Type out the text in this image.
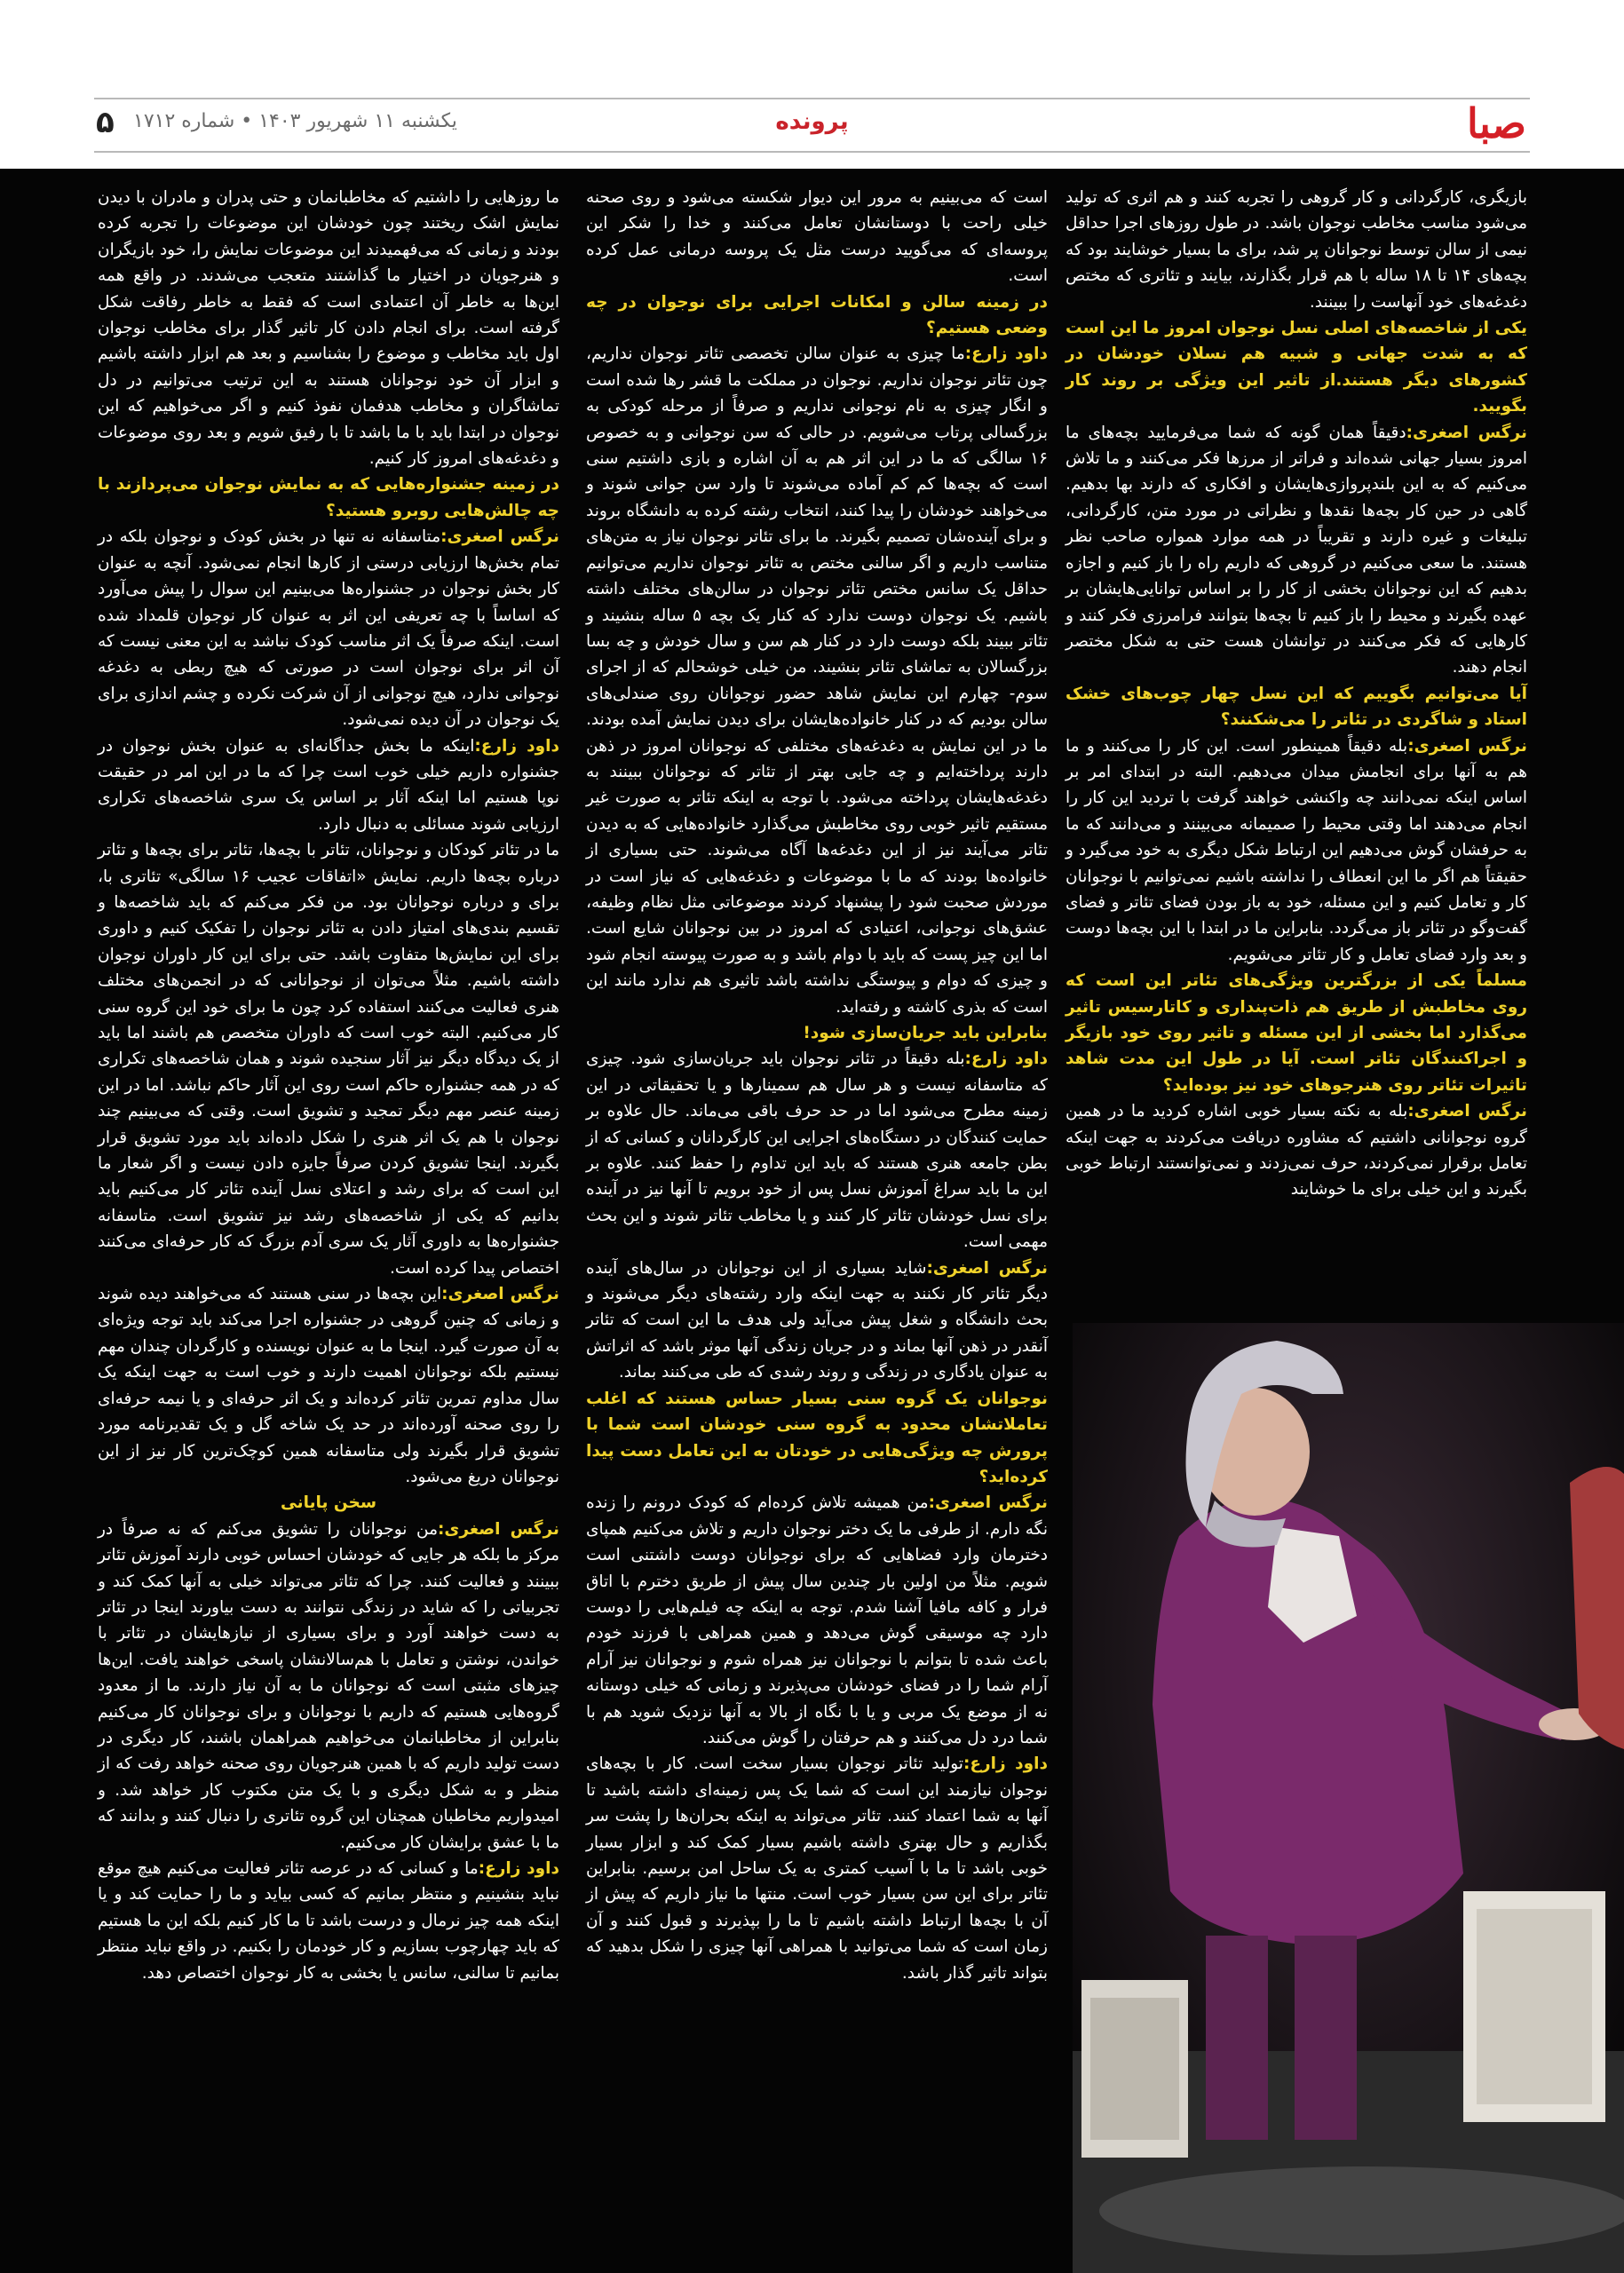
صبا
پرونده
یکشنبه ۱۱ شهریور ۱۴۰۳ • شماره ۱۷۱۲
۵

بازیگری، کارگردانی و کار گروهی را تجربه کنند و هم اثری که تولید می‌شود مناسب مخاطب نوجوان باشد. در طول روزهای اجرا حداقل نیمی از سالن توسط نوجوانان پر شد، برای ما بسیار خوشایند بود که بچه‌های ۱۴ تا ۱۸ ساله با هم قرار بگذارند، بیایند و تئاتری که مختص دغدغه‌های خود آنهاست را ببینند.

یکی از شاخصه‌های اصلی نسل نوجوان امروز ما این است که به شدت جهانی و شبیه هم نسلان خودشان در کشورهای دیگر هستند.از تاثیر این ویژگی بر روند کار بگویید.

نرگس اصغری:دقیقاً همان گونه که شما می‌فرمایید بچه‌های ما امروز بسیار جهانی شده‌اند و فراتر از مرزها فکر می‌کنند و ما تلاش می‌کنیم که به این بلندپروازی‌هایشان و افکاری که دارند بها بدهیم. گاهی در حین کار بچه‌ها نقدها و نظراتی در مورد متن، کارگردانی، تبلیغات و غیره دارند و تقریباً در همه موارد همواره صاحب نظر هستند. ما سعی می‌کنیم در گروهی که داریم راه را باز کنیم و اجازه بدهیم که این نوجوانان بخشی از کار را بر اساس توانایی‌هایشان بر عهده بگیرند و محیط را باز کنیم تا بچه‌ها بتوانند فرامرزی فکر کنند و کارهایی که فکر می‌کنند در توانشان هست حتی به شکل مختصر انجام دهند.

آیا می‌توانیم بگوییم که این نسل چهار چوب‌های خشک استاد و شاگردی در تئاتر را می‌شکنند؟

نرگس اصغری:بله دقیقاً همینطور است. این کار را می‌کنند و ما هم به آنها برای انجامش میدان می‌دهیم. البته در ابتدای امر بر اساس اینکه نمی‌دانند چه واکنشی خواهند گرفت با تردید این کار را انجام می‌دهند اما وقتی محیط را صمیمانه می‌بینند و می‌دانند که ما به حرفشان گوش می‌دهیم این ارتباط شکل دیگری به خود می‌گیرد و حقیقتاً هم اگر ما این انعطاف را نداشته باشیم نمی‌توانیم با نوجوانان کار و تعامل کنیم و این مسئله، خود به باز بودن فضای تئاتر و فضای گفت‌وگو در تئاتر باز می‌گردد. بنابراین ما در ابتدا با این بچه‌ها دوست و بعد وارد فضای تعامل و کار تئاتر می‌شویم.

مسلماً یکی از بزرگترین ویژگی‌های تئاتر این است که روی مخاطبش از طریق هم ذات‌پنداری و کاتارسیس تاثیر می‌گذارد اما بخشی از این مسئله و تاثیر روی خود بازیگر و اجراکنندگان تئاتر است. آیا در طول این مدت شاهد تاثیرات تئاتر روی هنرجوهای خود نیز بوده‌اید؟

نرگس اصغری:بله به نکته بسیار خوبی اشاره کردید ما در همین گروه نوجوانانی داشتیم که مشاوره دریافت می‌کردند به جهت اینکه تعامل برقرار نمی‌کردند، حرف نمی‌زدند و نمی‌توانستند ارتباط خوبی بگیرند و این خیلی برای ما خوشایند

است که می‌بینیم به مرور این دیوار شکسته می‌شود و روی صحنه خیلی راحت با دوستانشان تعامل می‌کنند و خدا را شکر این پروسه‌ای که می‌گویید درست مثل یک پروسه درمانی عمل کرده است.

در زمینه سالن و امکانات اجرایی برای نوجوان در چه وضعی هستیم؟

داود زارع:ما چیزی به عنوان سالن تخصصی تئاتر نوجوان نداریم، چون تئاتر نوجوان نداریم. نوجوان در مملکت ما قشر رها شده است و انگار چیزی به نام نوجوانی نداریم و صرفاً از مرحله کودکی به بزرگسالی پرتاب می‌شویم. در حالی که سن نوجوانی و به خصوص ۱۶ سالگی که ما در این اثر هم به آن اشاره و بازی داشتیم سنی است که بچه‌ها کم کم آماده می‌شوند تا وارد سن جوانی شوند و می‌خواهند خودشان را پیدا کنند، انتخاب رشته کرده به دانشگاه بروند و برای آینده‌شان تصمیم بگیرند. ما برای تئاتر نوجوان نیاز به متن‌های متناسب داریم و اگر سالنی مختص به تئاتر نوجوان نداریم می‌توانیم حداقل یک سانس مختص تئاتر نوجوان در سالن‌های مختلف داشته باشیم. یک نوجوان دوست ندارد که کنار یک بچه ۵ ساله بنشیند و تئاتر ببیند بلکه دوست دارد در کنار هم سن و سال خودش و چه بسا بزرگسالان به تماشای تئاتر بنشیند. من خیلی خوشحالم که از اجرای سوم- چهارم این نمایش شاهد حضور نوجوانان روی صندلی‌های سالن بودیم که در کنار خانواده‌هایشان برای دیدن نمایش آمده بودند. ما در این نمایش به دغدغه‌های مختلفی که نوجوانان امروز در ذهن دارند پرداخته‌ایم و چه جایی بهتر از تئاتر که نوجوانان ببینند به دغدغه‌هایشان پرداخته می‌شود. با توجه به اینکه تئاتر به صورت غیر مستقیم تاثیر خوبی روی مخاطبش می‌گذارد خانواده‌هایی که به دیدن تئاتر می‌آیند نیز از این دغدغه‌ها آگاه می‌شوند. حتی بسیاری از خانواده‌ها بودند که ما با موضوعات و دغدغه‌هایی که نیاز است در موردش صحبت شود را پیشنهاد کردند موضوعاتی مثل نظام وظیفه، عشق‌های نوجوانی، اعتیادی که امروز در بین نوجوانان شایع است. اما این چیز پست که باید با دوام باشد و به صورت پیوسته انجام شود و چیزی که دوام و پیوستگی نداشته باشد تاثیری هم ندارد مانند این است که بذری کاشته و رفته‌اید.

بنابراین باید جریان‌سازی شود!

داود زارع:بله دقیقاً در تئاتر نوجوان باید جریان‌سازی شود. چیزی که متاسفانه نیست و هر سال هم سمینارها و یا تحقیقاتی در این زمینه مطرح می‌شود اما در حد حرف باقی می‌ماند. حال علاوه بر حمایت کنندگان در دستگاه‌های اجرایی این کارگردانان و کسانی که از بطن جامعه هنری هستند که باید این تداوم را حفظ کنند. علاوه بر این ما باید سراغ آموزش نسل پس از خود برویم تا آنها نیز در آینده برای نسل خودشان تئاتر کار کنند و یا مخاطب تئاتر شوند و این بحث مهمی است.

نرگس اصغری:شاید بسیاری از این نوجوانان در سال‌های آینده دیگر تئاتر کار نکنند به جهت اینکه وارد رشته‌های دیگر می‌شوند و بحث دانشگاه و شغل پیش می‌آید ولی هدف ما این است که تئاتر آنقدر در ذهن آنها بماند و در جریان زندگی آنها موثر باشد که اثراتش به عنوان یادگاری در زندگی و روند رشدی که طی می‌کنند بماند.

نوجوانان یک گروه سنی بسیار حساس هستند که اغلب تعاملاتشان محدود به گروه سنی خودشان است شما با پرورش چه ویژگی‌هایی در خودتان به این تعامل دست پیدا کرده‌اید؟

نرگس اصغری:من همیشه تلاش کرده‌ام که کودک درونم را زنده نگه دارم. از طرفی ما یک دختر نوجوان داریم و تلاش می‌کنیم همپای دخترمان وارد فضاهایی که برای نوجوانان دوست داشتنی است شویم. مثلاً من اولین بار چندین سال پیش از طریق دخترم با اتاق فرار و کافه مافیا آشنا شدم. توجه به اینکه چه فیلم‌هایی را دوست دارد چه موسیقی گوش می‌دهد و همین همراهی با فرزند خودم باعث شده تا بتوانم با نوجوانان نیز همراه شوم و نوجوانان نیز آرام آرام شما را در فضای خودشان می‌پذیرند و زمانی که خیلی دوستانه نه از موضع یک مربی و یا با نگاه از بالا به آنها نزدیک شوید هم با شما درد دل می‌کنند و هم حرفتان را گوش می‌کنند.

داود زارع:تولید تئاتر نوجوان بسیار سخت است. کار با بچه‌های نوجوان نیازمند این است که شما یک پس زمینه‌ای داشته باشید تا آنها به شما اعتماد کنند. تئاتر می‌تواند به اینکه بحران‌ها را پشت سر بگذاریم و حال بهتری داشته باشیم بسیار کمک کند و ابزار بسیار خوبی باشد تا ما با آسیب کمتری به یک ساحل امن برسیم. بنابراین تئاتر برای این سن بسیار خوب است. منتها ما نیاز داریم که پیش از آن با بچه‌ها ارتباط داشته باشیم تا ما را بپذیرند و قبول کنند و آن زمان است که شما می‌توانید با همراهی آنها چیزی را شکل بدهید که بتواند تاثیر گذار باشد.

ما روزهایی را داشتیم که مخاطبانمان و حتی پدران و مادران با دیدن نمایش اشک ریختند چون خودشان این موضوعات را تجربه کرده بودند و زمانی که می‌فهمیدند این موضوعات نمایش را، خود بازیگران و هنرجویان در اختیار ما گذاشتند متعجب می‌شدند. در واقع همه این‌ها به خاطر آن اعتمادی است که فقط به خاطر رفاقت شکل گرفته است. برای انجام دادن کار تاثیر گذار برای مخاطب نوجوان اول باید مخاطب و موضوع را بشناسیم و بعد هم ابزار داشته باشیم و ابزار آن خود نوجوانان هستند به این ترتیب می‌توانیم در دل تماشاگران و مخاطب هدفمان نفوذ کنیم و اگر می‌خواهیم که این نوجوان در ابتدا باید با ما باشد تا با رفیق شویم و بعد روی موضوعات و دغدغه‌های امروز کار کنیم.

در زمینه جشنواره‌هایی که به نمایش نوجوان می‌پردازند با چه چالش‌هایی روبرو هستید؟

نرگس اصغری:متاسفانه نه تنها در بخش کودک و نوجوان بلکه در تمام بخش‌ها ارزیابی درستی از کارها انجام نمی‌شود. آنچه به عنوان کار بخش نوجوان در جشنواره‌ها می‌بینیم این سوال را پیش می‌آورد که اساساً با چه تعریفی این اثر به عنوان کار نوجوان قلمداد شده است. اینکه صرفاً یک اثر مناسب کودک نباشد به این معنی نیست که آن اثر برای نوجوان است در صورتی که هیچ ربطی به دغدغه نوجوانی ندارد، هیچ نوجوانی از آن شرکت نکرده و چشم اندازی برای یک نوجوان در آن دیده نمی‌شود.

داود زارع:اینکه ما بخش جداگانه‌ای به عنوان بخش نوجوان در جشنواره داریم خیلی خوب است چرا که ما در این امر در حقیقت نوپا هستیم اما اینکه آثار بر اساس یک سری شاخصه‌های تکراری ارزیابی شوند مسائلی به دنبال دارد.

ما در تئاتر کودکان و نوجوانان، تئاتر با بچه‌ها، تئاتر برای بچه‌ها و تئاتر درباره بچه‌ها داریم. نمایش «اتفاقات عجیب ۱۶ سالگی» تئاتری با، برای و درباره نوجوانان بود. من فکر می‌کنم که باید شاخصه‌ها و تقسیم بندی‌های امتیاز دادن به تئاتر نوجوان را تفکیک کنیم و داوری برای این نمایش‌ها متفاوت باشد. حتی برای این کار داوران نوجوان داشته باشیم. مثلاً می‌توان از نوجوانانی که در انجمن‌های مختلف هنری فعالیت می‌کنند استفاده کرد چون ما برای خود این گروه سنی کار می‌کنیم. البته خوب است که داوران متخصص هم باشند اما باید از یک دیدگاه دیگر نیز آثار سنجیده شوند و همان شاخصه‌های تکراری که در همه جشنواره حاکم است روی این آثار حاکم نباشد. اما در این زمینه عنصر مهم دیگر تمجید و تشویق است. وقتی که می‌بینیم چند نوجوان با هم یک اثر هنری را شکل داده‌اند باید مورد تشویق قرار بگیرند. اینجا تشویق کردن صرفاً جایزه دادن نیست و اگر شعار ما این است که برای رشد و اعتلای نسل آینده تئاتر کار می‌کنیم باید بدانیم که یکی از شاخصه‌های رشد نیز تشویق است. متاسفانه جشنواره‌ها به داوری آثار یک سری آدم بزرگ که کار حرفه‌ای می‌کنند اختصاص پیدا کرده است.

نرگس اصغری:این بچه‌ها در سنی هستند که می‌خواهند دیده شوند و زمانی که چنین گروهی در جشنواره اجرا می‌کند باید توجه ویژه‌ای به آن صورت گیرد. اینجا ما به عنوان نویسنده و کارگردان چندان مهم نیستیم بلکه نوجوانان اهمیت دارند و خوب است به جهت اینکه یک سال مداوم تمرین تئاتر کرده‌اند و یک اثر حرفه‌ای و یا نیمه حرفه‌ای را روی صحنه آورده‌اند در حد یک شاخه گل و یک تقدیرنامه مورد تشویق قرار بگیرند ولی متاسفانه همین کوچک‌ترین کار نیز از این نوجوانان دریغ می‌شود.

سخن پایانی

نرگس اصغری:من نوجوانان را تشویق می‌کنم که نه صرفاً در مرکز ما بلکه هر جایی که خودشان احساس خوبی دارند آموزش تئاتر ببینند و فعالیت کنند. چرا که تئاتر می‌تواند خیلی به آنها کمک کند و تجربیاتی را که شاید در زندگی نتوانند به دست بیاورند اینجا در تئاتر به دست خواهند آورد و برای بسیاری از نیازهایشان در تئاتر با خواندن، نوشتن و تعامل با هم‌سالانشان پاسخی خواهند یافت. این‌ها چیزهای مثبتی است که نوجوانان ما به آن نیاز دارند. ما از معدود گروه‌هایی هستیم که داریم با نوجوانان و برای نوجوانان کار می‌کنیم بنابراین از مخاطبانمان می‌خواهیم همراهمان باشند، کار دیگری در دست تولید داریم که با همین هنرجویان روی صحنه خواهد رفت که از منظر و به شکل دیگری و با یک متن مکتوب کار خواهد شد. و امیدواریم مخاطبان همچنان این گروه تئاتری را دنبال کنند و بدانند که ما با عشق برایشان کار می‌کنیم.

داود زارع:ما و کسانی که در عرصه تئاتر فعالیت می‌کنیم هیچ موقع نباید بنشینیم و منتظر بمانیم که کسی بیاید و ما را حمایت کند و یا اینکه همه چیز نرمال و درست باشد تا ما کار کنیم بلکه این ما هستیم که باید چهارچوب بسازیم و کار خودمان را بکنیم. در واقع نباید منتظر بمانیم تا سالنی، سانس یا بخشی به کار نوجوان اختصاص دهد.
